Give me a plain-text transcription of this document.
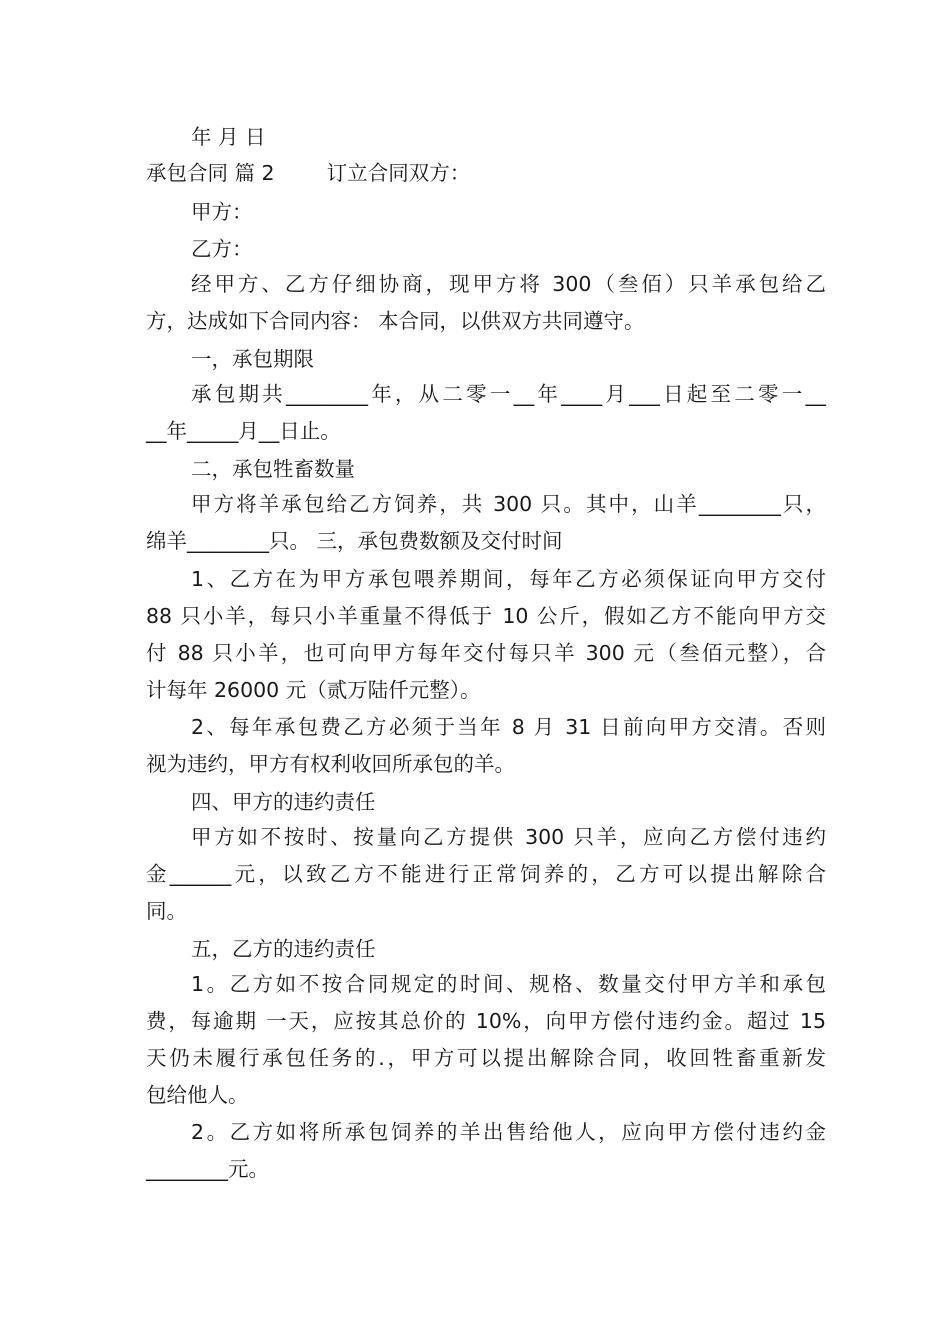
年 月 日

承包合同 篇 2        订立合同双方：

甲方：

乙方：

经甲方、乙方仔细协商，现甲方将 300（叁佰）只羊承包给乙

方，达成如下合同内容： 本合同，以供双方共同遵守。

一，承包期限

承包期共________年，从二零一__年____月___日起至二零一__

__年_____月__日止。

二，承包牲畜数量

甲方将羊承包给乙方饲养，共 300 只。其中，山羊________只，

绵羊________只。 三，承包费数额及交付时间

1、乙方在为甲方承包喂养期间，每年乙方必须保证向甲方交付

88 只小羊，每只小羊重量不得低于 10 公斤，假如乙方不能向甲方交

付 88 只小羊，也可向甲方每年交付每只羊 300 元（叁佰元整），合

计每年 26000 元（贰万陆仟元整）。

2、每年承包费乙方必须于当年 8 月 31 日前向甲方交清。否则

视为违约，甲方有权利收回所承包的羊。

四、甲方的违约责任

甲方如不按时、按量向乙方提供 300 只羊，应向乙方偿付违约

金______元，以致乙方不能进行正常饲养的，乙方可以提出解除合

同。

五，乙方的违约责任

1。乙方如不按合同规定的时间、规格、数量交付甲方羊和承包

费，每逾期 一天，应按其总价的 10%，向甲方偿付违约金。超过 15

天仍未履行承包任务的.，甲方可以提出解除合同，收回牲畜重新发

包给他人。

2。乙方如将所承包饲养的羊出售给他人，应向甲方偿付违约金

________元。
